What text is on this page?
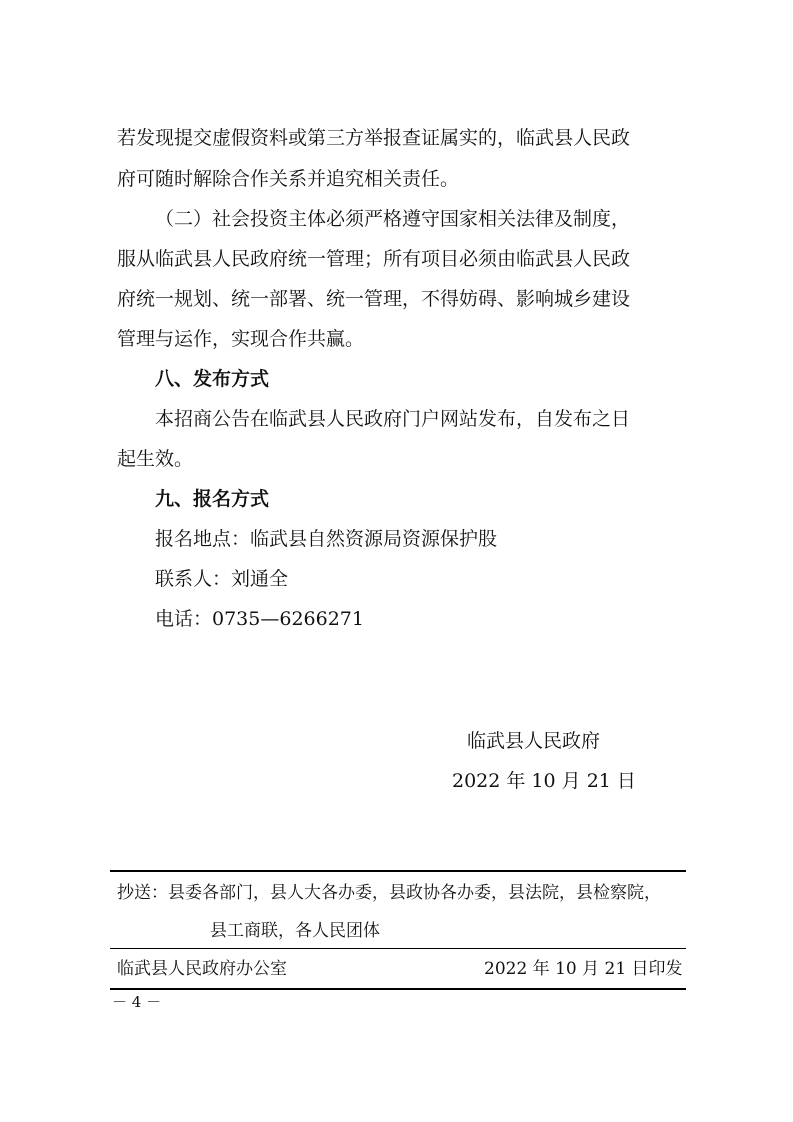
若发现提交虚假资料或第三方举报查证属实的，临武县人民政
府可随时解除合作关系并追究相关责任。
（二）社会投资主体必须严格遵守国家相关法律及制度，
服从临武县人民政府统一管理；所有项目必须由临武县人民政
府统一规划、统一部署、统一管理，不得妨碍、影响城乡建设
管理与运作，实现合作共赢。
八、发布方式
本招商公告在临武县人民政府门户网站发布，自发布之日
起生效。
九、报名方式
报名地点：临武县自然资源局资源保护股
联系人：刘通全
电话：0735—6266271
临武县人民政府
2022 年 10 月 21 日
抄送：县委各部门，县人大各办委，县政协各办委，县法院，县检察院，
县工商联，各人民团体
临武县人民政府办公室	2022 年 10 月 21 日印发
－ 4 －
